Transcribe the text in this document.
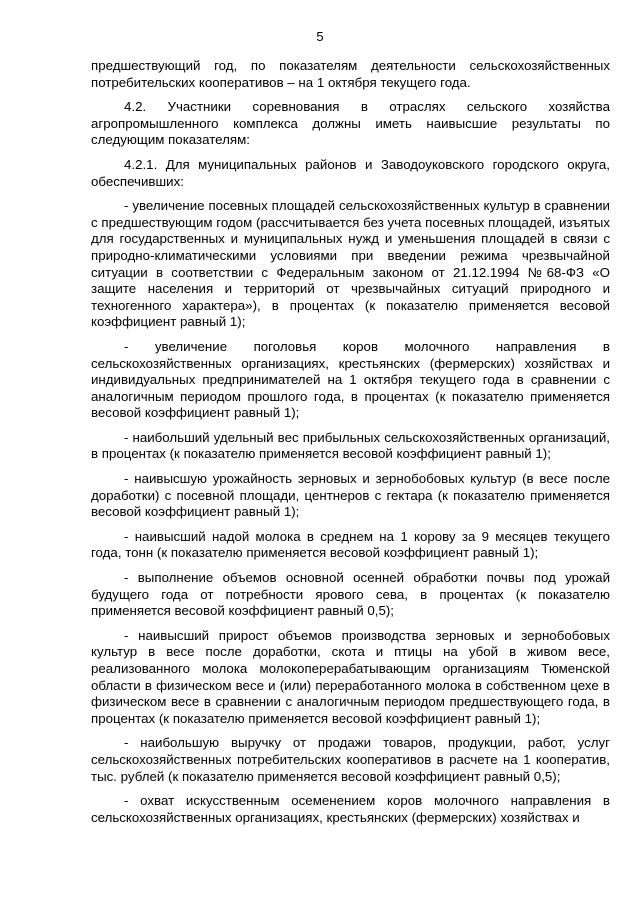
5

предшествующий год, по показателям деятельности сельскохозяйственных потребительских кооперативов – на 1 октября текущего года.

4.2. Участники соревнования в отраслях сельского хозяйства агропромышленного комплекса должны иметь наивысшие результаты по следующим показателям:

4.2.1. Для муниципальных районов и Заводоуковского городского округа, обеспечивших:

- увеличение посевных площадей сельскохозяйственных культур в сравнении с предшествующим годом (рассчитывается без учета посевных площадей, изъятых для государственных и муниципальных нужд и уменьшения площадей в связи с природно-климатическими условиями при введении режима чрезвычайной ситуации в соответствии с Федеральным законом от 21.12.1994 №68-ФЗ «О защите населения и территорий от чрезвычайных ситуаций природного и техногенного характера»), в процентах (к показателю применяется весовой коэффициент равный 1);

- увеличение поголовья коров молочного направления в сельскохозяйственных организациях, крестьянских (фермерских) хозяйствах и индивидуальных предпринимателей на 1 октября текущего года в сравнении с аналогичным периодом прошлого года, в процентах (к показателю применяется весовой коэффициент равный 1);

- наибольший удельный вес прибыльных сельскохозяйственных организаций, в процентах (к показателю применяется весовой коэффициент равный 1);

- наивысшую урожайность зерновых и зернобобовых культур (в весе после доработки) с посевной площади, центнеров с гектара (к показателю применяется весовой коэффициент равный 1);

- наивысший надой молока в среднем на 1 корову за 9 месяцев текущего года, тонн (к показателю применяется весовой коэффициент равный 1);

- выполнение объемов основной осенней обработки почвы под урожай будущего года от потребности ярового сева, в процентах (к показателю применяется весовой коэффициент равный 0,5);

- наивысший прирост объемов производства зерновых и зернобобовых культур в весе после доработки, скота и птицы на убой в живом весе, реализованного молока молокоперерабатывающим организациям Тюменской области в физическом весе и (или) переработанного молока в собственном цехе в физическом весе в сравнении с аналогичным периодом предшествующего года, в процентах (к показателю применяется весовой коэффициент равный 1);

- наибольшую выручку от продажи товаров, продукции, работ, услуг сельскохозяйственных потребительских кооперативов в расчете на 1 кооператив, тыс. рублей (к показателю применяется весовой коэффициент равный 0,5);

- охват искусственным осеменением коров молочного направления в сельскохозяйственных организациях, крестьянских (фермерских) хозяйствах и
